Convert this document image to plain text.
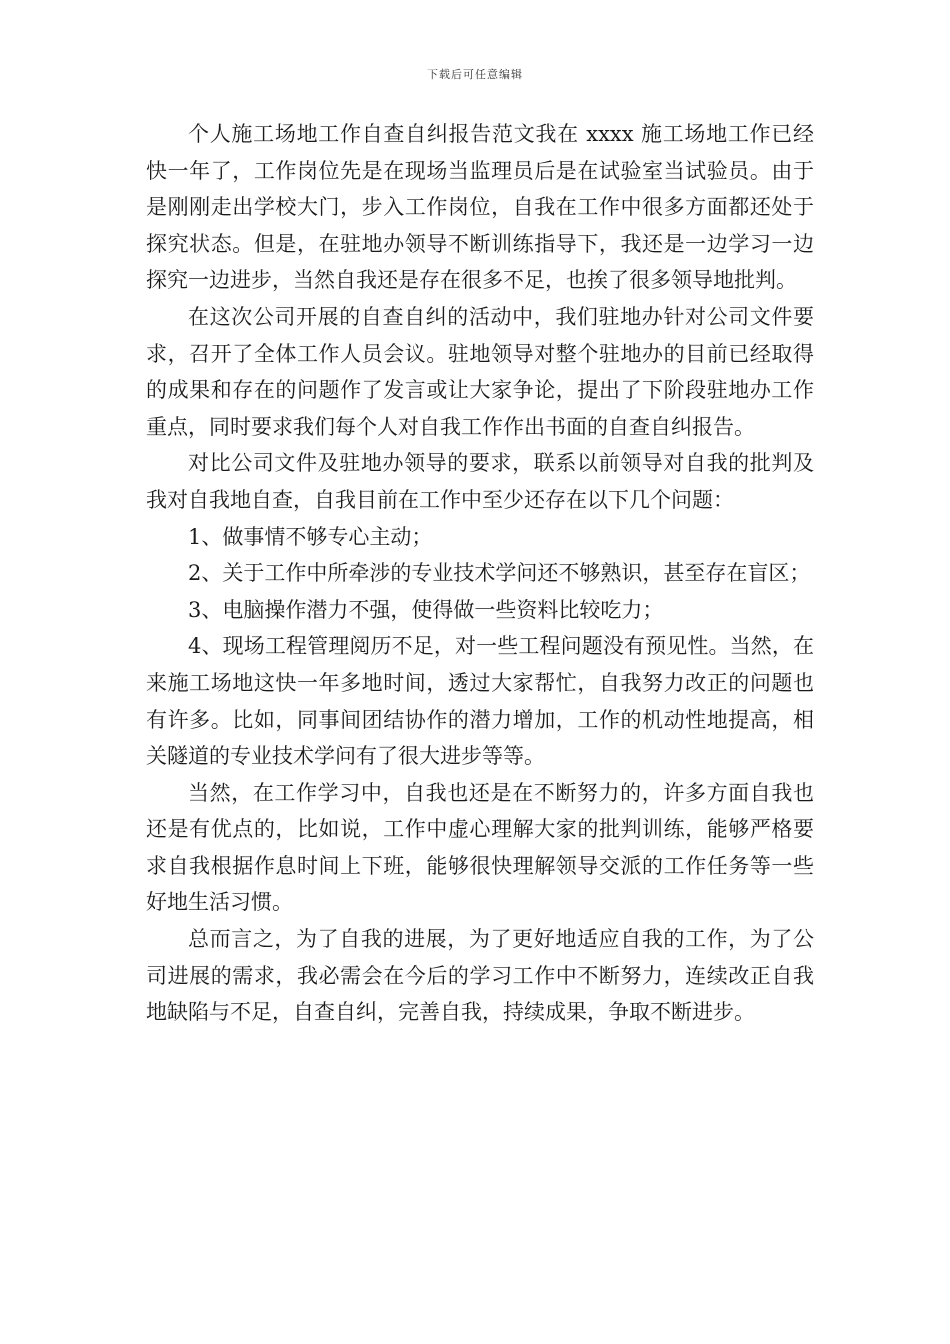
下载后可任意编辑

个人施工场地工作自查自纠报告范文我在 xxxx 施工场地工作已经快一年了，工作岗位先是在现场当监理员后是在试验室当试验员。由于是刚刚走出学校大门，步入工作岗位，自我在工作中很多方面都还处于探究状态。但是，在驻地办领导不断训练指导下，我还是一边学习一边探究一边进步，当然自我还是存在很多不足，也挨了很多领导地批判。

在这次公司开展的自查自纠的活动中，我们驻地办针对公司文件要求，召开了全体工作人员会议。驻地领导对整个驻地办的目前已经取得的成果和存在的问题作了发言或让大家争论，提出了下阶段驻地办工作重点，同时要求我们每个人对自我工作作出书面的自查自纠报告。

对比公司文件及驻地办领导的要求，联系以前领导对自我的批判及我对自我地自查，自我目前在工作中至少还存在以下几个问题：

1、做事情不够专心主动；

2、关于工作中所牵涉的专业技术学问还不够熟识，甚至存在盲区；

3、电脑操作潜力不强，使得做一些资料比较吃力；

4、现场工程管理阅历不足，对一些工程问题没有预见性。当然，在来施工场地这快一年多地时间，透过大家帮忙，自我努力改正的问题也有许多。比如，同事间团结协作的潜力增加，工作的机动性地提高，相关隧道的专业技术学问有了很大进步等等。

当然，在工作学习中，自我也还是在不断努力的，许多方面自我也还是有优点的，比如说，工作中虚心理解大家的批判训练，能够严格要求自我根据作息时间上下班，能够很快理解领导交派的工作任务等一些好地生活习惯。

总而言之，为了自我的进展，为了更好地适应自我的工作，为了公司进展的需求，我必需会在今后的学习工作中不断努力，连续改正自我地缺陷与不足，自查自纠，完善自我，持续成果，争取不断进步。
